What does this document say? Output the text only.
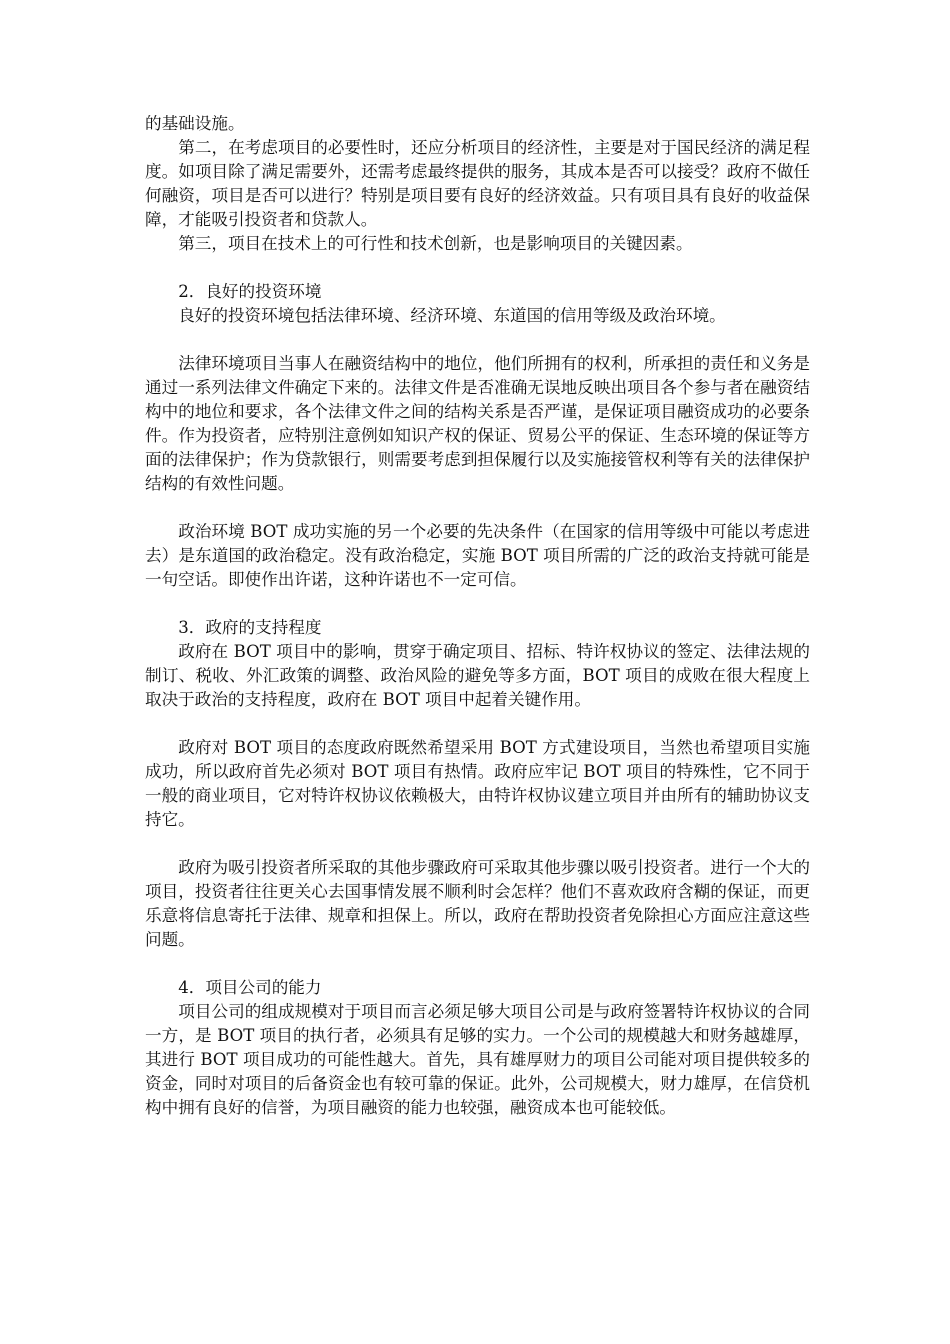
的基础设施。

第二，在考虑项目的必要性时，还应分析项目的经济性，主要是对于国民经济的满足程度。如项目除了满足需要外，还需考虑最终提供的服务，其成本是否可以接受？政府不做任何融资，项目是否可以进行？特别是项目要有良好的经济效益。只有项目具有良好的收益保障，才能吸引投资者和贷款人。

第三，项目在技术上的可行性和技术创新，也是影响项目的关键因素。

2．良好的投资环境

良好的投资环境包括法律环境、经济环境、东道国的信用等级及政治环境。

法律环境项目当事人在融资结构中的地位，他们所拥有的权利，所承担的责任和义务是通过一系列法律文件确定下来的。法律文件是否准确无误地反映出项目各个参与者在融资结构中的地位和要求，各个法律文件之间的结构关系是否严谨，是保证项目融资成功的必要条件。作为投资者，应特别注意例如知识产权的保证、贸易公平的保证、生态环境的保证等方面的法律保护；作为贷款银行，则需要考虑到担保履行以及实施接管权利等有关的法律保护结构的有效性问题。

政治环境 BOT 成功实施的另一个必要的先决条件（在国家的信用等级中可能以考虑进去）是东道国的政治稳定。没有政治稳定，实施 BOT 项目所需的广泛的政治支持就可能是一句空话。即使作出许诺，这种许诺也不一定可信。

3．政府的支持程度

政府在 BOT 项目中的影响，贯穿于确定项目、招标、特许权协议的签定、法律法规的制订、税收、外汇政策的调整、政治风险的避免等多方面，BOT 项目的成败在很大程度上取决于政治的支持程度，政府在 BOT 项目中起着关键作用。

政府对 BOT 项目的态度政府既然希望采用 BOT 方式建设项目，当然也希望项目实施成功，所以政府首先必须对 BOT 项目有热情。政府应牢记 BOT 项目的特殊性，它不同于一般的商业项目，它对特许权协议依赖极大，由特许权协议建立项目并由所有的辅助协议支持它。

政府为吸引投资者所采取的其他步骤政府可采取其他步骤以吸引投资者。进行一个大的项目，投资者往往更关心去国事情发展不顺利时会怎样？他们不喜欢政府含糊的保证，而更乐意将信息寄托于法律、规章和担保上。所以，政府在帮助投资者免除担心方面应注意这些问题。

4．项目公司的能力

项目公司的组成规模对于项目而言必须足够大项目公司是与政府签署特许权协议的合同一方，是 BOT 项目的执行者，必须具有足够的实力。一个公司的规模越大和财务越雄厚，其进行 BOT 项目成功的可能性越大。首先，具有雄厚财力的项目公司能对项目提供较多的资金，同时对项目的后备资金也有较可靠的保证。此外，公司规模大，财力雄厚，在信贷机构中拥有良好的信誉，为项目融资的能力也较强，融资成本也可能较低。
